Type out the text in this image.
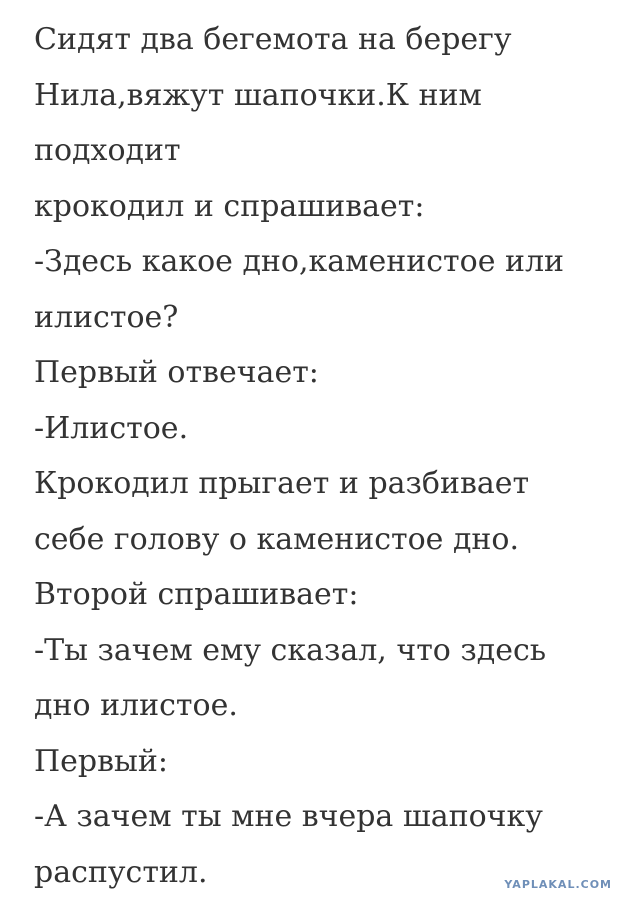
Сидят два бегемота на берегу
Нила,вяжут шапочки.К ним
подходит
крокодил и спрашивает:
-Здесь какое дно,каменистое или
илистое?
Первый отвечает:
-Илистое.
Крокодил прыгает и разбивает
себе голову о каменистое дно.
Второй спрашивает:
-Ты зачем ему сказал, что здесь
дно илистое.
Первый:
-А зачем ты мне вчера шапочку
распустил.	YAPLAKAL.COM
